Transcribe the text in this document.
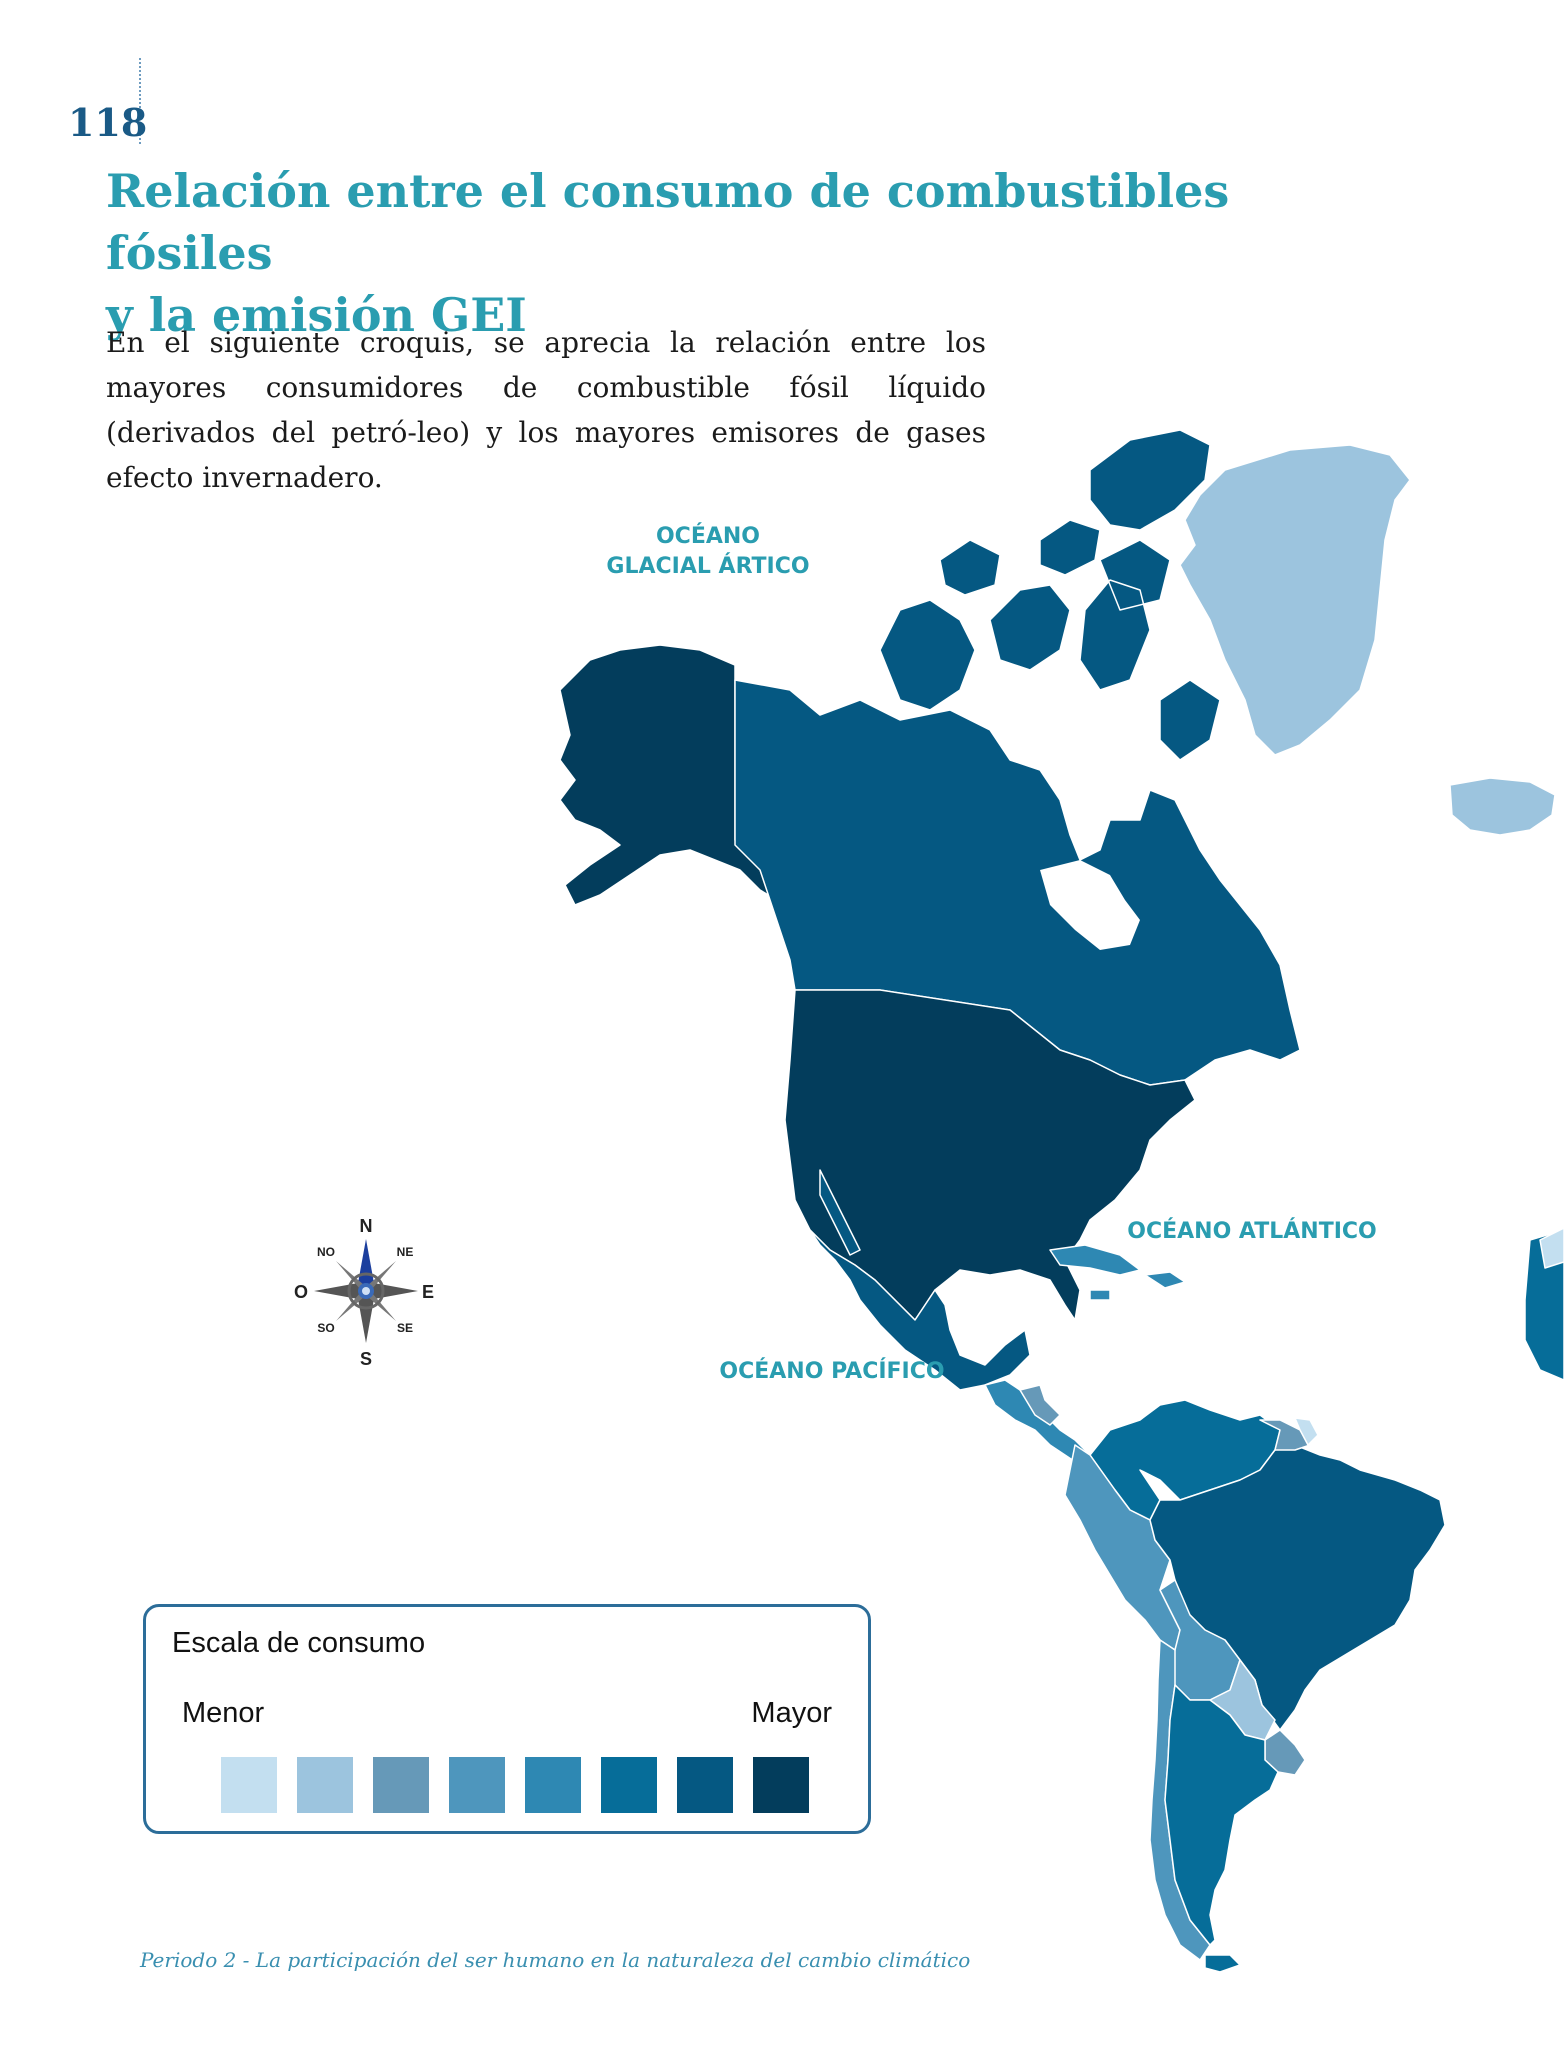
118
Relación entre el consumo de combustibles fósiles
y la emisión GEI

En el siguiente croquis, se aprecia la relación entre los mayores consumidores de combustible fósil líquido (derivados del petró-leo) y los mayores emisores de gases efecto invernadero.

OCÉANO
GLACIAL ÁRTICO
OCÉANO ATLÁNTICO
OCÉANO PACÍFICO
N
S
E
O
NE
NO
SE
SO
Escala de consumo
Menor	Mayor
Periodo 2 - La participación del ser humano en la naturaleza del cambio climático
